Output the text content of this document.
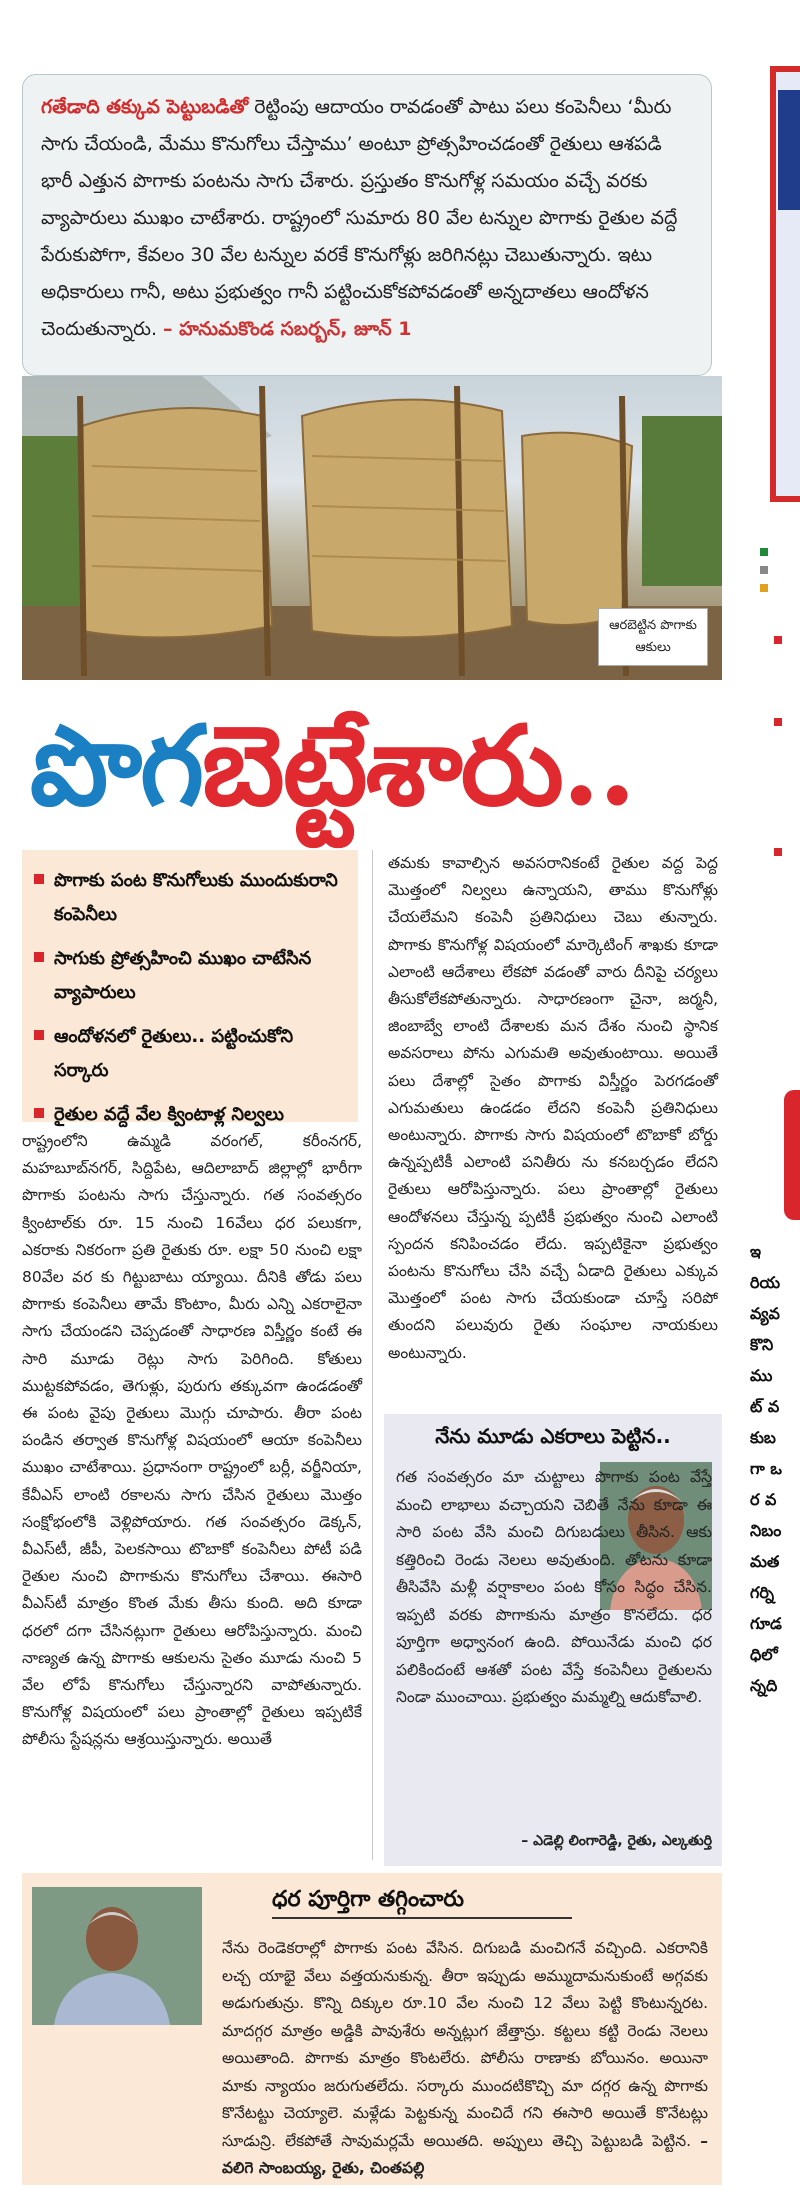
గతేడాది తక్కువ పెట్టుబడితో రెట్టింపు ఆదాయం రావడంతో పాటు పలు కంపెనీలు ‘మీరు సాగు చేయండి, మేము కొనుగోలు చేస్తాము’ అంటూ ప్రోత్సహించడంతో రైతులు ఆశపడి భారీ ఎత్తున పొగాకు పంటను సాగు చేశారు. ప్రస్తుతం కొనుగోళ్ల సమయం వచ్చే వరకు వ్యాపారులు ముఖం చాటేశారు. రాష్ట్రంలో సుమారు 80 వేల టన్నుల పొగాకు రైతుల వద్దే పేరుకుపోగా, కేవలం 30 వేల టన్నుల వరకే కొనుగోళ్లు జరిగినట్లు చెబుతున్నారు. ఇటు అధికారులు గానీ, అటు ప్రభుత్వం గానీ పట్టించుకోకపోవడంతో అన్నదాతలు ఆందోళన చెందుతున్నారు. – హనుమకొండ సబర్బన్, జూన్ 1
ఆరబెట్టిన పొగాకు ఆకులు
పొగబెట్టేశారు..
పొగాకు పంట కొనుగోలుకు ముందుకురాని కంపెనీలు
సాగుకు ప్రోత్సహించి ముఖం చాటేసిన వ్యాపారులు
ఆందోళనలో రైతులు.. పట్టించుకోని సర్కారు
రైతుల వద్దే వేల క్వింటాళ్ల నిల్వలు

రాష్ట్రంలోని ఉమ్మడి వరంగల్, కరీంనగర్, మహబూబ్‌నగర్, సిద్దిపేట, ఆదిలాబాద్ జిల్లాల్లో భారీగా పొగాకు పంటను సాగు చేస్తున్నారు. గత సంవత్సరం క్వింటాల్‌కు రూ. 15 నుంచి 16వేలు ధర పలుకగా, ఎకరాకు నికరంగా ప్రతి రైతుకు రూ. లక్షా 50 నుంచి లక్షా 80వేల వర కు గిట్టుబాటు య్యాయి. దీనికి తోడు పలు పొగాకు కంపెనీలు తామే కొంటాం, మీరు ఎన్ని ఎకరాలైనా సాగు చేయండని చెప్పడంతో సాధారణ విస్తీర్ణం కంటే ఈ సారి మూడు రెట్లు సాగు పెరిగింది. కోతులు ముట్టకపోవడం, తెగుళ్లు, పురుగు తక్కువగా ఉండడంతో ఈ పంట వైపు రైతులు మొగ్గు చూపారు. తీరా పంట పండిన తర్వాత కొనుగోళ్ల విషయంలో ఆయా కంపెనీలు ముఖం చాటేశాయి. ప్రధానంగా రాష్ట్రంలో బర్లీ, వర్జీనియా, కేవీఎస్ లాంటి రకాలను సాగు చేసిన రైతులు మొత్తం సంక్షోభంలోకి వెళ్లిపోయారు. గత సంవత్సరం డెక్కన్, వీఎస్‌టీ, జీపీ, పెలకసాయి టొబాకో కంపెనీలు పోటీ పడి రైతుల నుంచి పొగాకును కొనుగోలు చేశాయి. ఈసారి వీఎస్‌టీ మాత్రం కొంత మేకు తీసు కుంది. అది కూడా ధరలో దగా చేసినట్లుగా రైతులు ఆరోపిస్తున్నారు. మంచి నాణ్యత ఉన్న పొగాకు ఆకులను సైతం మూడు నుంచి 5 వేల లోపే కొనుగోలు చేస్తున్నారని వాపోతున్నారు. కొనుగోళ్ల విషయంలో పలు ప్రాంతాల్లో రైతులు ఇప్పటికే పోలీసు స్టేషన్లను ఆశ్రయిస్తున్నారు. అయితే

తమకు కావాల్సిన అవసరానికంటే రైతుల వద్ద పెద్ద మొత్తంలో నిల్వలు ఉన్నాయని, తాము కొనుగోళ్లు చేయలేమని కంపెనీ ప్రతినిధులు చెబు తున్నారు. పొగాకు కొనుగోళ్ల విషయంలో మార్కెటింగ్ శాఖకు కూడా ఎలాంటి ఆదేశాలు లేకపో వడంతో వారు దీనిపై చర్యలు తీసుకోలేకపోతున్నారు. సాధారణంగా చైనా, జర్మనీ, జింబాబ్వే లాంటి దేశాలకు మన దేశం నుంచి స్థానిక అవసరాలు పోను ఎగుమతి అవుతుంటాయి. అయితే పలు దేశాల్లో సైతం పొగాకు విస్తీర్ణం పెరగడంతో ఎగుమతులు ఉండడం లేదని కంపెనీ ప్రతినిధులు అంటున్నారు. పొగాకు సాగు విషయంలో టొబాకో బోర్డు ఉన్నప్పటికీ ఎలాంటి పనితీరు ను కనబర్చడం లేదని రైతులు ఆరోపిస్తున్నారు. పలు ప్రాంతాల్లో రైతులు ఆందోళనలు చేస్తున్న ప్పటికీ ప్రభుత్వం నుంచి ఎలాంటి స్పందన కనిపించడం లేదు. ఇప్పటికైనా ప్రభుత్వం పంటను కొనుగోలు చేసి వచ్చే ఏడాది రైతులు ఎక్కువ మొత్తంలో పంట సాగు చేయకుండా చూస్తే సరిపో తుందని పలువురు రైతు సంఘాల నాయకులు అంటున్నారు.

నేను మూడు ఎకరాలు పెట్టిన..
గత సంవత్సరం మా చుట్టాలు పొగాకు పంట వేస్తే మంచి లాభాలు వచ్చాయని చెబితే నేను కూడా ఈ సారి పంట వేసి మంచి దిగుబడులు తీసిన. ఆకు కత్తిరించి రెండు నెలలు అవుతుంది. తోటను కూడా తీసివేసి మళ్లీ వర్షాకాలం పంట కోసం సిద్ధం చేసిన. ఇప్పటి వరకు పొగాకును మాత్రం కొనలేదు. ధర పూర్తిగా అధ్వానంగ ఉంది. పోయినేడు మంచి ధర పలికిందంటే ఆశతో పంట వేస్తే కంపెనీలు రైతులను నిండా ముంచాయి. ప్రభుత్వం మమ్మల్ని ఆదుకోవాలి.
– ఎడెల్లి లింగారెడ్డి, రైతు, ఎల్కతుర్తి
ధర పూర్తిగా తగ్గించారు
నేను రెండెకరాల్లో పొగాకు పంట వేసిన. దిగుబడి మంచిగనే వచ్చింది. ఎకరానికి లచ్చ యాభై వేలు వత్తయనుకున్న. తీరా ఇప్పుడు అమ్ముదామనుకుంటే అగ్గవకు అడుగుతున్రు. కొన్ని దిక్కుల రూ.10 వేల నుంచి 12 వేలు పెట్టి కొంటున్నరట. మాదగ్గర మాత్రం అడ్డికి పావుశేరు అన్నట్లుగ జేత్తాన్రు. కట్టలు కట్టి రెండు నెలలు అయితాంది. పొగాకు మాత్రం కొంటలేరు. పోలీసు రాణాకు బోయినం. అయినా మాకు న్యాయం జరుగుతలేదు. సర్కారు ముందటికొచ్చి మా దగ్గర ఉన్న పొగాకు కొనేటట్టు చెయ్యాలె. మళ్లేడు పెట్టకున్న మంచిదే గని ఈసారి అయితే కొనేటట్లు సూడున్రి. లేకపోతే సావుమర్లమే అయితది. అప్పులు తెచ్చి పెట్టుబడి పెట్టిన. – వలిగె సాంబయ్య, రైతు, చింతపల్లి
ఇ
రియ
వ్యవ
కొని
ము
ట్ వ
కుబ
గా ఒ
ర వ
నిబం
మత
గర్ని
గూడ
ధిలో
న్నది
